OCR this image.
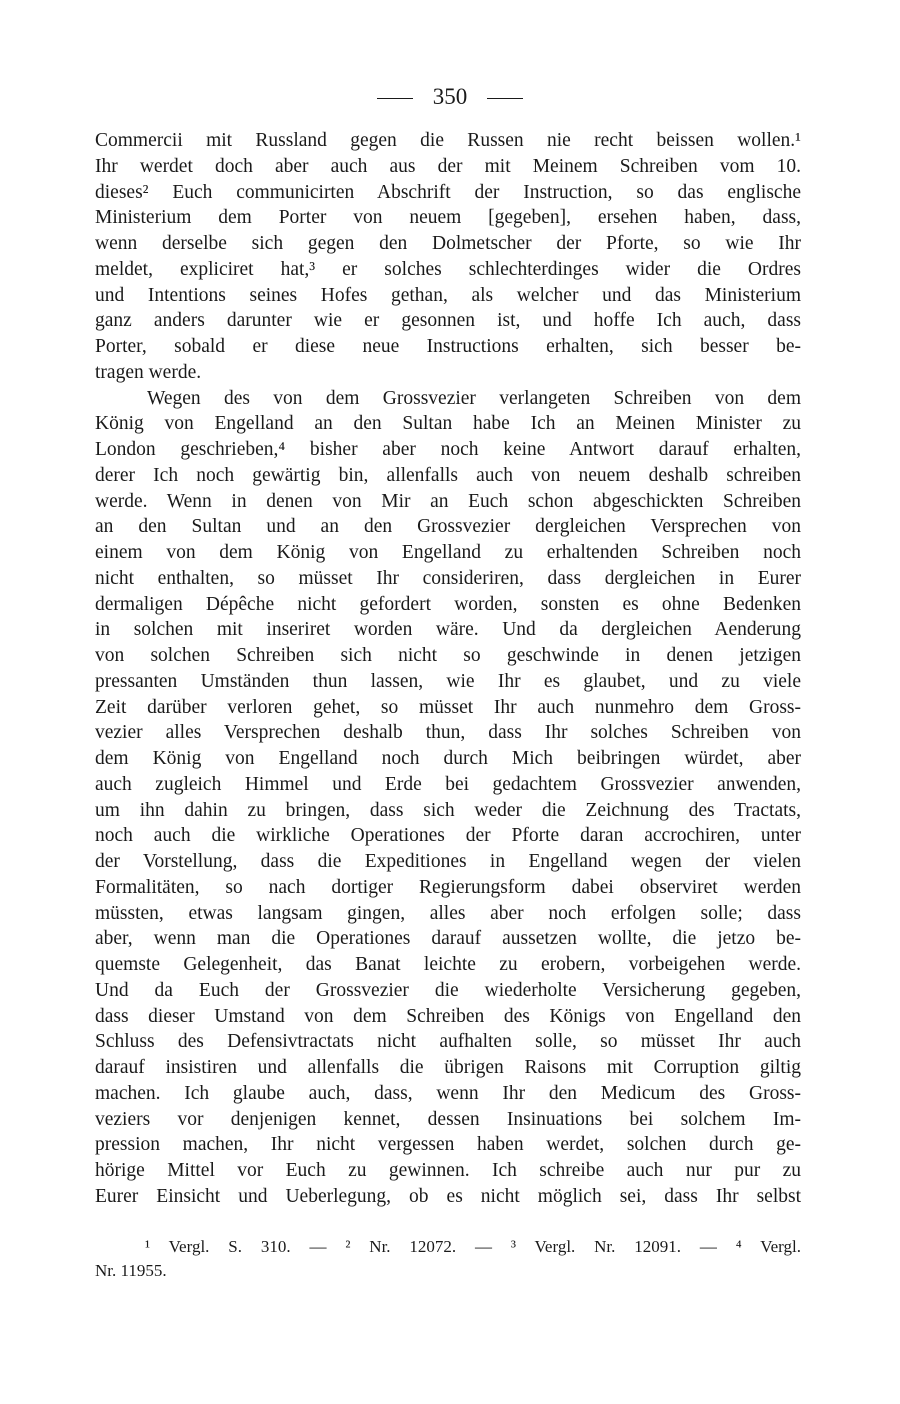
350
Commercii mit Russland gegen die Russen nie recht beissen wollen.¹
Ihr werdet doch aber auch aus der mit Meinem Schreiben vom 10.
dieses² Euch communicirten Abschrift der Instruction, so das englische
Ministerium dem Porter von neuem [gegeben], ersehen haben, dass,
wenn derselbe sich gegen den Dolmetscher der Pforte, so wie Ihr
meldet, expliciret hat,³ er solches schlechterdinges wider die Ordres
und Intentions seines Hofes gethan, als welcher und das Ministerium
ganz anders darunter wie er gesonnen ist, und hoffe Ich auch, dass
Porter, sobald er diese neue Instructions erhalten, sich besser be-
tragen werde.
Wegen des von dem Grossvezier verlangeten Schreiben von dem
König von Engelland an den Sultan habe Ich an Meinen Minister zu
London geschrieben,⁴ bisher aber noch keine Antwort darauf erhalten,
derer Ich noch gewärtig bin, allenfalls auch von neuem deshalb schreiben
werde. Wenn in denen von Mir an Euch schon abgeschickten Schreiben
an den Sultan und an den Grossvezier dergleichen Versprechen von
einem von dem König von Engelland zu erhaltenden Schreiben noch
nicht enthalten, so müsset Ihr consideriren, dass dergleichen in Eurer
dermaligen Dépêche nicht gefordert worden, sonsten es ohne Bedenken
in solchen mit inseriret worden wäre. Und da dergleichen Aenderung
von solchen Schreiben sich nicht so geschwinde in denen jetzigen
pressanten Umständen thun lassen, wie Ihr es glaubet, und zu viele
Zeit darüber verloren gehet, so müsset Ihr auch nunmehro dem Gross-
vezier alles Versprechen deshalb thun, dass Ihr solches Schreiben von
dem König von Engelland noch durch Mich beibringen würdet, aber
auch zugleich Himmel und Erde bei gedachtem Grossvezier anwenden,
um ihn dahin zu bringen, dass sich weder die Zeichnung des Tractats,
noch auch die wirkliche Operationes der Pforte daran accrochiren, unter
der Vorstellung, dass die Expeditiones in Engelland wegen der vielen
Formalitäten, so nach dortiger Regierungsform dabei observiret werden
müssten, etwas langsam gingen, alles aber noch erfolgen solle; dass
aber, wenn man die Operationes darauf aussetzen wollte, die jetzo be-
quemste Gelegenheit, das Banat leichte zu erobern, vorbeigehen werde.
Und da Euch der Grossvezier die wiederholte Versicherung gegeben,
dass dieser Umstand von dem Schreiben des Königs von Engelland den
Schluss des Defensivtractats nicht aufhalten solle, so müsset Ihr auch
darauf insistiren und allenfalls die übrigen Raisons mit Corruption giltig
machen. Ich glaube auch, dass, wenn Ihr den Medicum des Gross-
veziers vor denjenigen kennet, dessen Insinuations bei solchem Im-
pression machen, Ihr nicht vergessen haben werdet, solchen durch ge-
hörige Mittel vor Euch zu gewinnen. Ich schreibe auch nur pur zu
Eurer Einsicht und Ueberlegung, ob es nicht möglich sei, dass Ihr selbst
¹ Vergl. S. 310. — ² Nr. 12072. — ³ Vergl. Nr. 12091. — ⁴ Vergl.
Nr. 11955.
